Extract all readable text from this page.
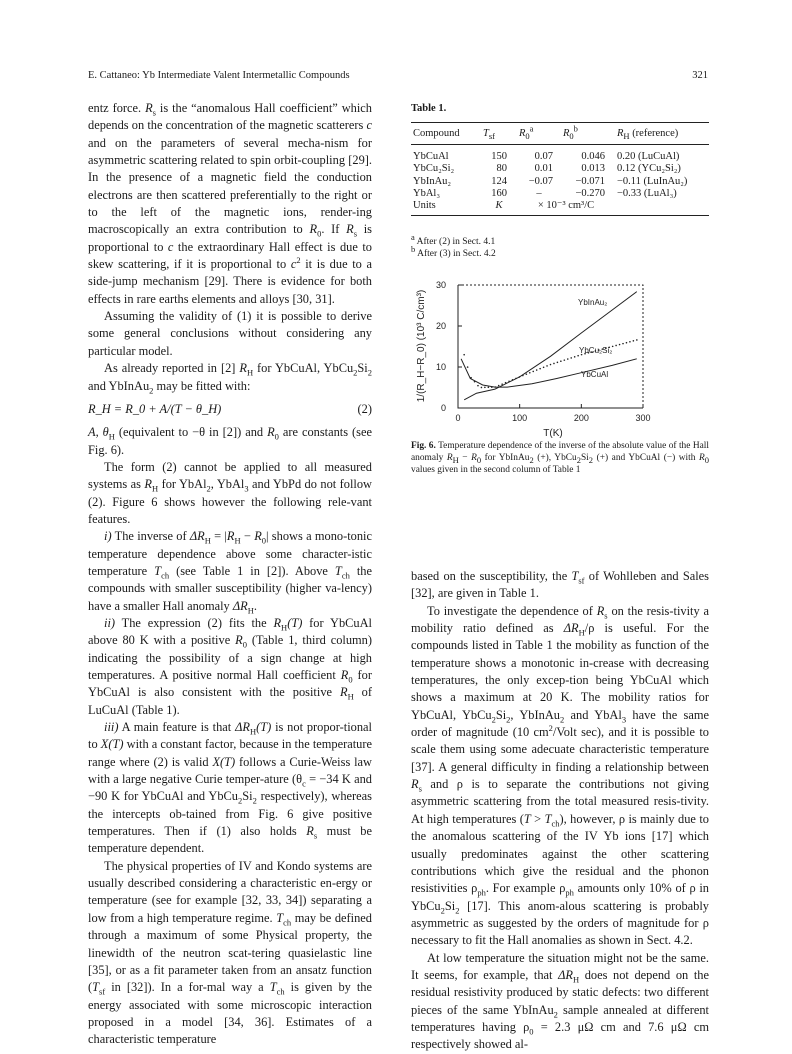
E. Cattaneo: Yb Intermediate Valent Intermetallic Compounds	321

entz force. $R_s$ is the “anomalous Hall coefficient” which depends on the concentration of the magnetic scatterers c and on the parameters of several mecha-nism for asymmetric scattering related to spin orbit-coupling [29]. In the presence of a magnetic field the conduction electrons are then scattered preferentially to the right or to the left of the magnetic ions, render-ing macroscopically an extra contribution to $R_0$. If $R_s$ is proportional to c the extraordinary Hall effect is due to skew scattering, if it is proportional to $c^2$ it is due to a side-jump mechanism [29]. There is evidence for both effects in rare earths elements and alloys [30, 31].

Assuming the validity of (1) it is possible to derive some general conclusions without considering any particular model.

As already reported in [2] $R_H$ for YbCuAl, $YbCu_2Si_2$ and YbInAu$_2$ may be fitted with:

R_H = R_0 + A/(T − θ_H)	(2)

A, $\theta_H$ (equivalent to −θ in [2]) and $R_0$ are constants (see Fig. 6).

The form (2) cannot be applied to all measured systems as $R_H$ for YbAl$_2$, YbAl$_3$ and YbPd do not follow (2). Figure 6 shows however the following rele-vant features.

i) The inverse of $\Delta R_H = |R_H - R_0|$ shows a mono-tonic temperature dependence above some character-istic temperature $T_{ch}$ (see Table 1 in [2]). Above $T_{ch}$ the compounds with smaller susceptibility (higher va-lency) have a smaller Hall anomaly $\Delta R_H$.

ii) The expression (2) fits the $R_H(T)$ for YbCuAl above 80 K with a positive $R_0$ (Table 1, third column) indicating the possibility of a sign change at high temperatures. A positive normal Hall coefficient $R_0$ for YbCuAl is also consistent with the positive $R_H$ of LuCuAl (Table 1).

iii) A main feature is that $\Delta R_H(T)$ is not propor-tional to X(T) with a constant factor, because in the temperature range where (2) is valid X(T) follows a Curie-Weiss law with a large negative Curie temper-ature ($\theta_c = -34$ K and −90 K for YbCuAl and $YbCu_2Si_2$ respectively), whereas the intercepts ob-tained from Fig. 6 give positive temperatures. Then if (1) also holds $R_s$ must be temperature dependent.

The physical properties of IV and Kondo systems are usually described considering a characteristic en-ergy or temperature (see for example [32, 33, 34]) separating a low from a high temperature regime. $T_{ch}$ may be defined through a maximum of some Physical property, the linewidth of the neutron scat-tering quasielastic line [35], or as a fit parameter taken from an ansatz function ($T_{sf}$ in [32]). In a for-mal way a $T_{ch}$ is given by the energy associated with some microscopic interaction proposed in a model [34, 36]. Estimates of a characteristic temperature

Table 1.
Compound	$T_{sf}$	$R_0^a$	$R_0^b$	$R_H$ (reference)
YbCuAl	150	0.07	0.046	0.20 (LuCuAl)
YbCu₂Si₂	80	0.01	0.013	0.12 (YCu₂Si₂)
YbInAu₂	124	−0.07	−0.071	−0.11 (LuInAu₂)
YbAl₃	160	–	−0.270	−0.33 (LuAl₃)
Units	K	× 10⁻³ cm³/C		
$^a$ After (2) in Sect. 4.1
$^b$ After (3) in Sect. 4.2
0	100	200	300
0
10
20
30
YbInAu₂
YbCu₂Si₂
YbCuAl
T(K)
1/(R_H−R_0) (10³ C/cm³)
Fig. 6. Temperature dependence of the inverse of the absolute value of the Hall anomaly $R_H - R_0$ for YbInAu$_2$ (+), $YbCu_2Si_2$ (+) and YbCuAl (−) with $R_0$ values given in the second column of Table 1

based on the susceptibility, the $T_{sf}$ of Wohlleben and Sales [32], are given in Table 1.

To investigate the dependence of $R_s$ on the resis-tivity a mobility ratio defined as $\Delta R_H/\rho$ is useful. For the compounds listed in Table 1 the mobility as function of the temperature shows a monotonic in-crease with decreasing temperatures, the only excep-tion being YbCuAl which shows a maximum at 20 K. The mobility ratios for YbCuAl, $YbCu_2Si_2$, YbInAu$_2$ and YbAl$_3$ have the same order of magnitude (10 $cm^2$/Volt sec), and it is possible to scale them using some adecuate characteristic temperature [37]. A general difficulty in finding a relationship between $R_s$ and ρ is to separate the contributions not giving asymmetric scattering from the total measured resis-tivity. At high temperatures $(T > T_{ch})$, however, ρ is mainly due to the anomalous scattering of the IV Yb ions [17] which usually predominates against the other scattering contributions which give the residual and the phonon resistivities $\rho_{ph}$. For example $\rho_{ph}$ amounts only 10% of ρ in $YbCu_2Si_2$ [17]. This anom-alous scattering is probably asymmetric as suggested by the orders of magnitude for ρ necessary to fit the Hall anomalies as shown in Sect. 4.2.

At low temperature the situation might not be the same. It seems, for example, that $\Delta R_H$ does not depend on the residual resistivity produced by static defects: two different pieces of the same YbInAu$_2$ sample annealed at different temperatures having $\rho_0 = 2.3$ μΩ cm and 7.6 μΩ cm respectively showed al-
